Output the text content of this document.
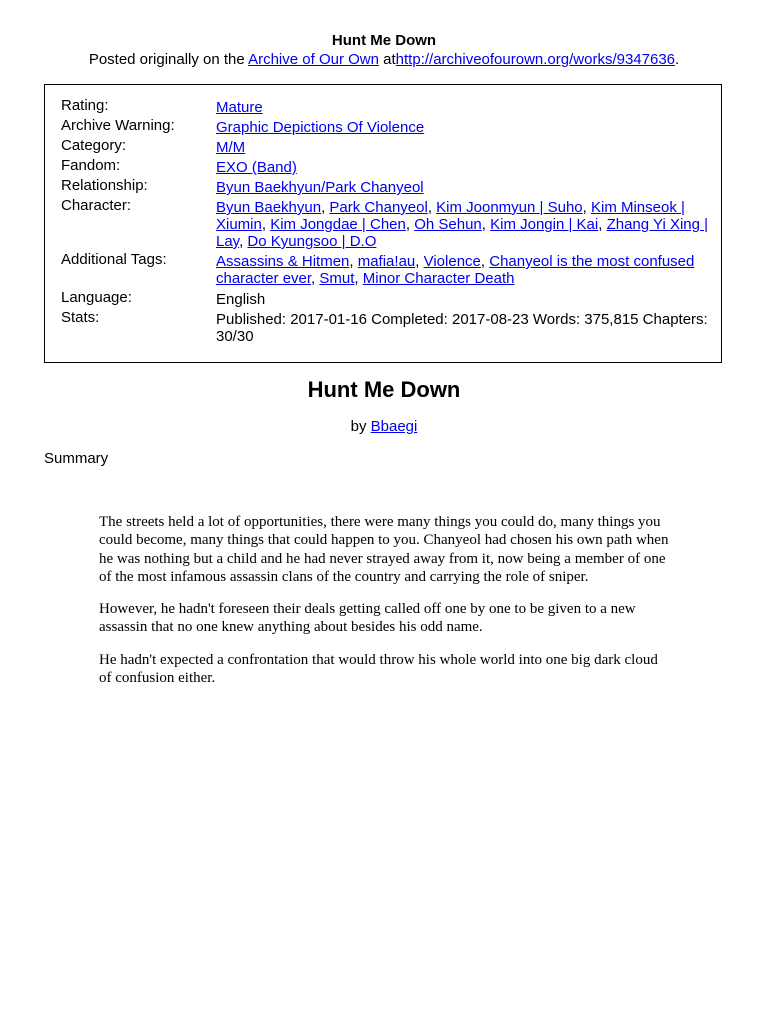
Hunt Me Down
Posted originally on the Archive of Our Own athttp://archiveofourown.org/works/9347636.
Rating:	Mature
Archive Warning:	Graphic Depictions Of Violence
Category:	M/M
Fandom:	EXO (Band)
Relationship:	Byun Baekhyun/Park Chanyeol
Character:	Byun Baekhyun, Park Chanyeol, Kim Joonmyun | Suho, Kim Minseok | Xiumin, Kim Jongdae | Chen, Oh Sehun, Kim Jongin | Kai, Zhang Yi Xing | Lay, Do Kyungsoo | D.O
Additional Tags:	Assassins & Hitmen, mafia!au, Violence, Chanyeol is the most confused character ever, Smut, Minor Character Death
Language:	English
Stats:	Published: 2017-01-16 Completed: 2017-08-23 Words: 375,815 Chapters: 30/30
Hunt Me Down
by Bbaegi
Summary

The streets held a lot of opportunities, there were many things you could do, many things you could become, many things that could happen to you. Chanyeol had chosen his own path when he was nothing but a child and he had never strayed away from it, now being a member of one of the most infamous assassin clans of the country and carrying the role of sniper.

However, he hadn't foreseen their deals getting called off one by one to be given to a new assassin that no one knew anything about besides his odd name.

He hadn't expected a confrontation that would throw his whole world into one big dark cloud of confusion either.
